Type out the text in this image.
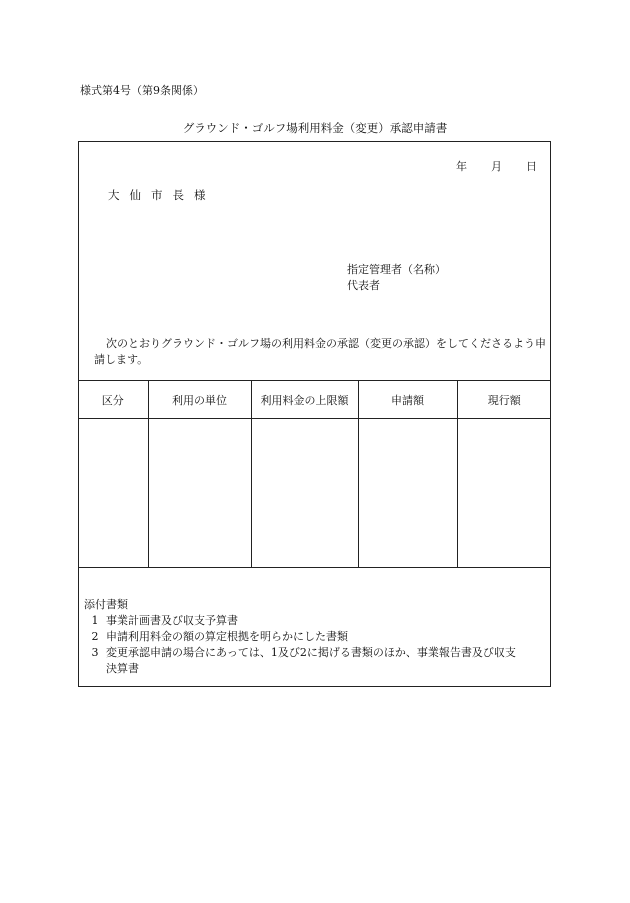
様式第4号（第9条関係）
グラウンド・ゴルフ場利用料金（変更）承認申請書
年 月 日
大仙市長様
指定管理者（名称）
代表者
次のとおりグラウンド・ゴルフ場の利用料金の承認（変更の承認）をしてくださるよう申請します。
区分	利用の単位	利用料金の上限額	申請額	現行額

添付書類
1 事業計画書及び収支予算書
2 申請利用料金の額の算定根拠を明らかにした書類
3 変更承認申請の場合にあっては、1及び2に掲げる書類のほか、事業報告書及び収支
決算書
